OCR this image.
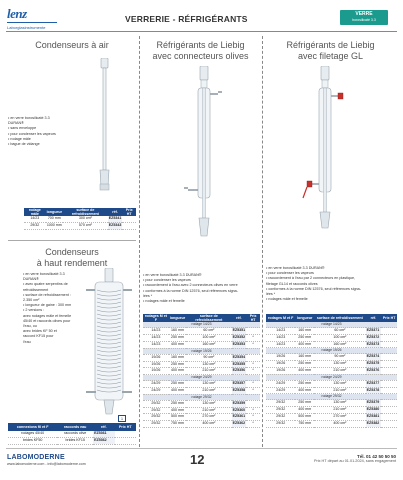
lenz
Laborglasinstrumente
VERRERIE - RÉFRIGÉRANTS	VERRE
borosilicaté 3.3
Condenseurs à air
• en verre borosilicaté 3.3
DURAN®
• sans enveloppe
• pour condenser les vapeurs
• rodage mâle
• bague de vidange
rodage mâle	longueur	surface de refroidissement	réf.	Prix HT
14/23	700 mm	300 cm²	EZ5341	
29/32	1000 mm	570 cm²	EZ5343	
Condenseurs
à haut rendement
• en verre borosilicaté 3.3
DURAN®
• avec quatre serpentins de
refroidissement
• surface de refroidissement :
2.350 cm²
• longueur de gaine : 300 mm
• 2 versions :
avec rodages mâle et femelle
45/40 et raccords olives pour
l'eau, ou
avec brides KF 50 et
raccord KF15 pour
l'eau
1
connexions fil et F	raccords eau	réf.	Prix HT
rodages 45/40	raccords olive	EZ5361	
brides KF50	brides KF15	EZ5362	
Réfrigérants de Liebig
avec connecteurs olives
• en verre borosilicaté 3.3 DURAN®
• pour condenser les vapeurs
• raccordement à l'eau avec 2 connecteurs olives en verre
• conformes à la norme DIN 12576, seul références signa-
lées *
• rodages mâle et femelle
rodages M et F	longueur	surface de refroidissement	réf.	Prix HT
rodage 14/23				
14/23	160 mm	60 cm²	EZ5351	
14/23	250 mm	100 cm²	EZ5352	*
14/23	400 mm	160 cm²	EZ5353	*
rodage 19/26				
19/26	160 mm	90 cm²	EZ5354	
19/26	250 mm	130 cm²	EZ5355	*
19/26	400 mm	210 cm²	EZ5356	*
rodage 24/29				
24/29	250 mm	130 cm²	EZ5357	*
24/29	400 mm	210 cm²	EZ5358	*
rodage 29/32				
29/32	250 mm	130 cm²	EZ5359	
29/32	400 mm	210 cm²	EZ5360	*
29/32	500 mm	270 cm²	EZ5361	*
29/32	750 mm	400 cm²	EZ5362	*
Réfrigérants de Liebig
avec filetage GL
• en verre borosilicaté 3.3 DURAN®
• pour condenser les vapeurs
• raccordement à l'eau par 2 connecteurs en plastique,
filetage GL14 et raccords olives
• conformes à la norme DIN 12576, seul références signa-
lées *
• rodages mâle et femelle
rodages M et F	longueur	surface de refroidissement	réf.	Prix HT
rodage 14/23				
14/23	160 mm	60 cm²	EZ5371	
14/23	250 mm	100 cm²	EZ5372	
14/23	400 mm	160 cm²	EZ5373	
rodage 19/26				
19/26	160 mm	90 cm²	EZ5374	
19/26	250 mm	130 cm²	EZ5375	
19/26	400 mm	210 cm²	EZ5376	
rodage 24/29				
24/29	250 mm	130 cm²	EZ5377	
24/29	400 mm	210 cm²	EZ5378	
rodage 29/32				
29/32	250 mm	130 cm²	EZ5379	
29/32	400 mm	210 cm²	EZ5380	
29/32	500 mm	270 cm²	EZ5381	
29/32	750 mm	400 cm²	EZ5382	
LABOMODERNE
www.labomoderne.com - info@labomoderne.com	12	Tél. 01 42 50 50 50
Prix HT départ au 01.01.2024, sans engagement
